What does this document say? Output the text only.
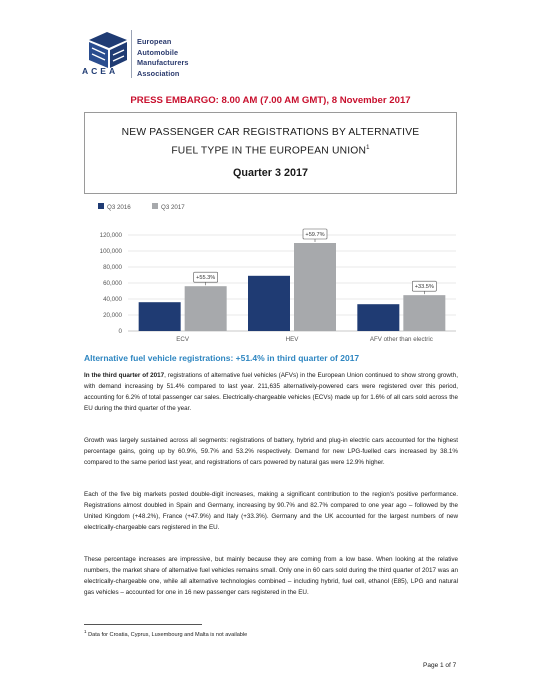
ACEA
European
Automobile
Manufacturers
Association
PRESS EMBARGO: 8.00 AM (7.00 AM GMT), 8 November 2017
NEW PASSENGER CAR REGISTRATIONS BY ALTERNATIVE
FUEL TYPE IN THE EUROPEAN UNION$^1$
Quarter 3 2017
Q3 2016	Q3 2017
0
20,000
40,000
60,000
80,000
100,000
120,000
+55.3%
ECV
+59.7%
HEV
+33.5%
AFV other than electric
Alternative fuel vehicle registrations: +51.4% in third quarter of 2017
In the third quarter of 2017, registrations of alternative fuel vehicles (AFVs) in the European Union continued to show strong growth, with demand increasing by 51.4% compared to last year. 211,635 alternatively-powered cars were registered over this period, accounting for 6.2% of total passenger car sales. Electrically-chargeable vehicles (ECVs) made up for 1.6% of all cars sold across the EU during the third quarter of the year.
Growth was largely sustained across all segments: registrations of battery, hybrid and plug-in electric cars accounted for the highest percentage gains, going up by 60.9%, 59.7% and 53.2% respectively. Demand for new LPG-fuelled cars increased by 38.1% compared to the same period last year, and registrations of cars powered by natural gas were 12.9% higher.
Each of the five big markets posted double-digit increases, making a significant contribution to the region's positive performance. Registrations almost doubled in Spain and Germany, increasing by 90.7% and 82.7% compared to one year ago – followed by the United Kingdom (+48.2%), France (+47.9%) and Italy (+33.3%). Germany and the UK accounted for the largest numbers of new electrically-chargeable cars registered in the EU.
These percentage increases are impressive, but mainly because they are coming from a low base. When looking at the relative numbers, the market share of alternative fuel vehicles remains small. Only one in 60 cars sold during the third quarter of 2017 was an electrically-chargeable one, while all alternative technologies combined – including hybrid, fuel cell, ethanol (E85), LPG and natural gas vehicles – accounted for one in 16 new passenger cars registered in the EU.
$^1$ Data for Croatia, Cyprus, Luxembourg and Malta is not available
Page 1 of 7
